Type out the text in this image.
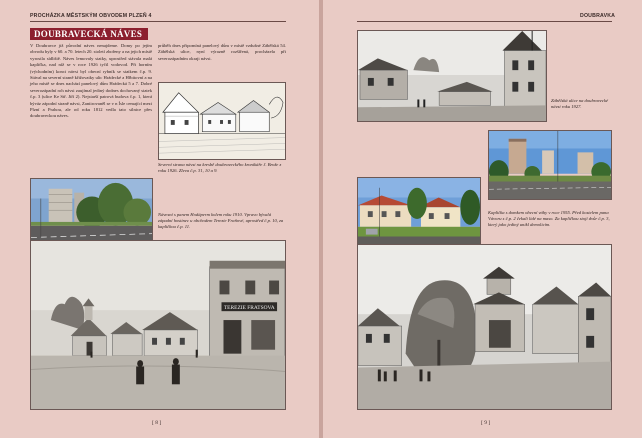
PROCHÁZKA MĚSTSKÝM OBVODEM PLZEŇ 4
DOUBRAVECKÁ NÁVES
V Doubravce již původní náves nenajdeme. Domy po jejím obvodu byly v 60. a 70. letech 20. století zbořeny a na jejich místě vyrostla sídliště. Náves lemovaly statky, uprostřed stávala malá kaplička, nad níž se v roce 1926 tyčil vodovod. Při horním (východním) konci návsi byl obecní rybník se statkem č.p. 9. Stával na severní straně křižovatky ulic Hrádecké a Hřbitovní a na jeho místě se dnes nachází panelový dům Hrádecká 5 a 7. Dobré severozápadní roh návsi zaujímal jediný dodnes dochovaný statek č.p. 3 (ulice Ke Stř. Jiří 2). Nejstarší patrová budova č.p. 1, která býváz zápodní straně návsi, Zaniirovaněl se v n Ísle cemající mezi Plzní a Prahou, ale od roku 1812 vedla tato silnice přes doubraveckou náves.
průběh dnes připomíná panelový dům v místě vzdušné Zábělská 54. Zábělská ulice, nyní výrazně rozšířená, procházela při severozápadním okraji návsi.
Severní strana návsi na kresbě doubraveckého kronikáře J. Brože z roku 1926. Zleva č.p. 31, 10 a 9.
Návesní s panem Hodáperm kolem roku 1910. Vpravo bývalá západní hostinec u obchodem Terezie Fraňové, uprostřed č.p. 10, za kapličkou č.p. 11.
TEREZIE FRATSOVA
[ 8 ]
DOUBRAVKA
Zábělská ulice na doubravecké návsi roku 1927.
Kaplička s domkem obecní váhy v roce 1955. Před kostelem pana Vávoru s č.p. 2 čekali lidé na maso. Za kapličkou stojí dvůr č.p. 3, který jako jediný unikl demolicím.
[ 9 ]
